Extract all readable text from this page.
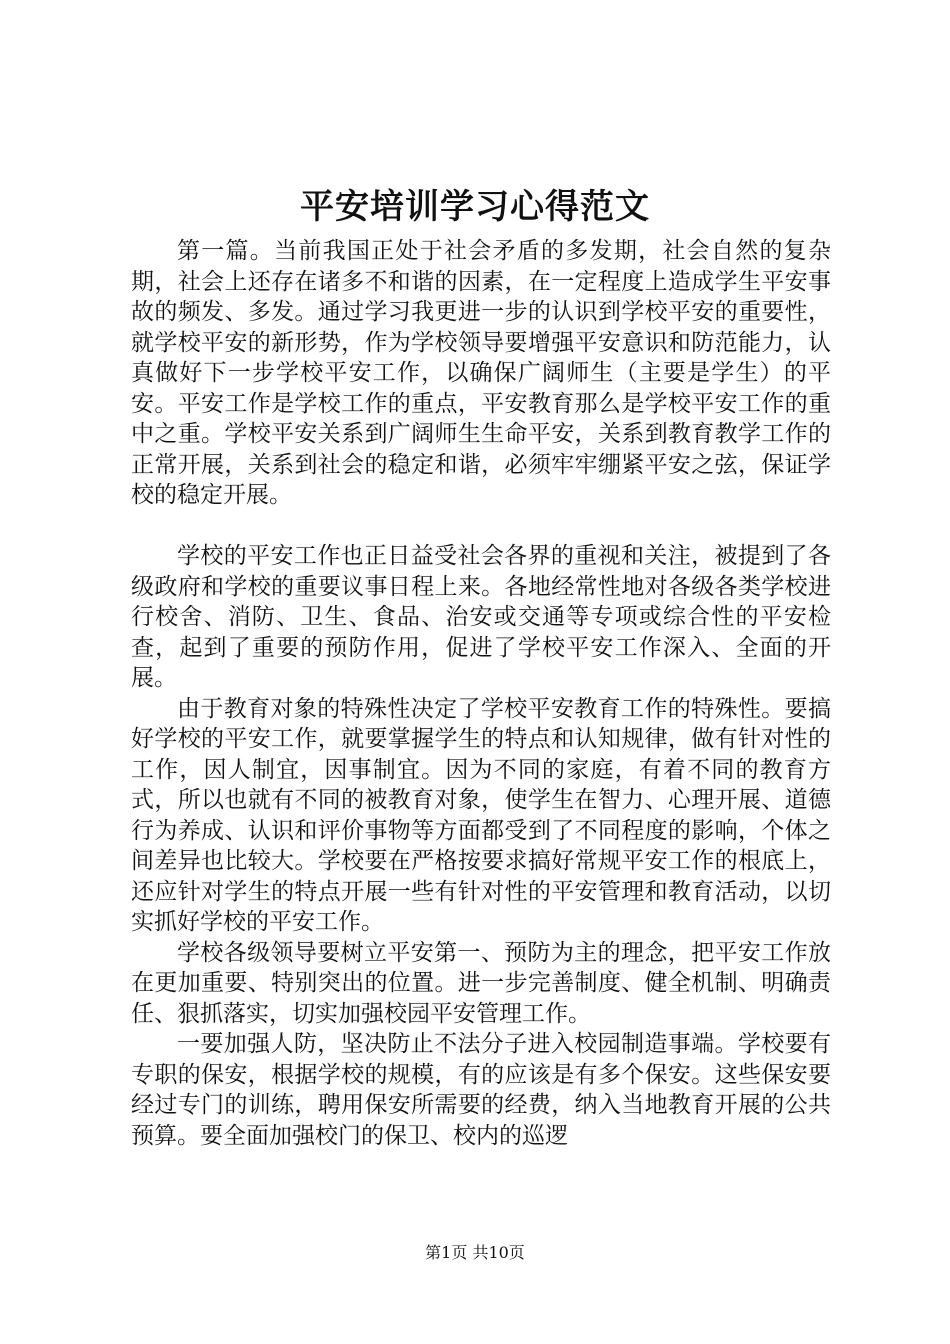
平安培训学习心得范文

第一篇。当前我国正处于社会矛盾的多发期，社会自然的复杂期，社会上还存在诸多不和谐的因素，在一定程度上造成学生平安事故的频发、多发。通过学习我更进一步的认识到学校平安的重要性，就学校平安的新形势，作为学校领导要增强平安意识和防范能力，认真做好下一步学校平安工作，以确保广阔师生（主要是学生）的平安。平安工作是学校工作的重点，平安教育那么是学校平安工作的重中之重。学校平安关系到广阔师生生命平安，关系到教育教学工作的正常开展，关系到社会的稳定和谐，必须牢牢绷紧平安之弦，保证学校的稳定开展。

学校的平安工作也正日益受社会各界的重视和关注，被提到了各级政府和学校的重要议事日程上来。各地经常性地对各级各类学校进行校舍、消防、卫生、食品、治安或交通等专项或综合性的平安检查，起到了重要的预防作用，促进了学校平安工作深入、全面的开展。

由于教育对象的特殊性决定了学校平安教育工作的特殊性。要搞好学校的平安工作，就要掌握学生的特点和认知规律，做有针对性的工作，因人制宜，因事制宜。因为不同的家庭，有着不同的教育方式，所以也就有不同的被教育对象，使学生在智力、心理开展、道德行为养成、认识和评价事物等方面都受到了不同程度的影响，个体之间差异也比较大。学校要在严格按要求搞好常规平安工作的根底上，还应针对学生的特点开展一些有针对性的平安管理和教育活动，以切实抓好学校的平安工作。

学校各级领导要树立平安第一、预防为主的理念，把平安工作放在更加重要、特别突出的位置。进一步完善制度、健全机制、明确责任、狠抓落实，切实加强校园平安管理工作。

一要加强人防，坚决防止不法分子进入校园制造事端。学校要有专职的保安，根据学校的规模，有的应该是有多个保安。这些保安要经过专门的训练，聘用保安所需要的经费，纳入当地教育开展的公共预算。要全面加强校门的保卫、校内的巡逻

第1页 共10页
